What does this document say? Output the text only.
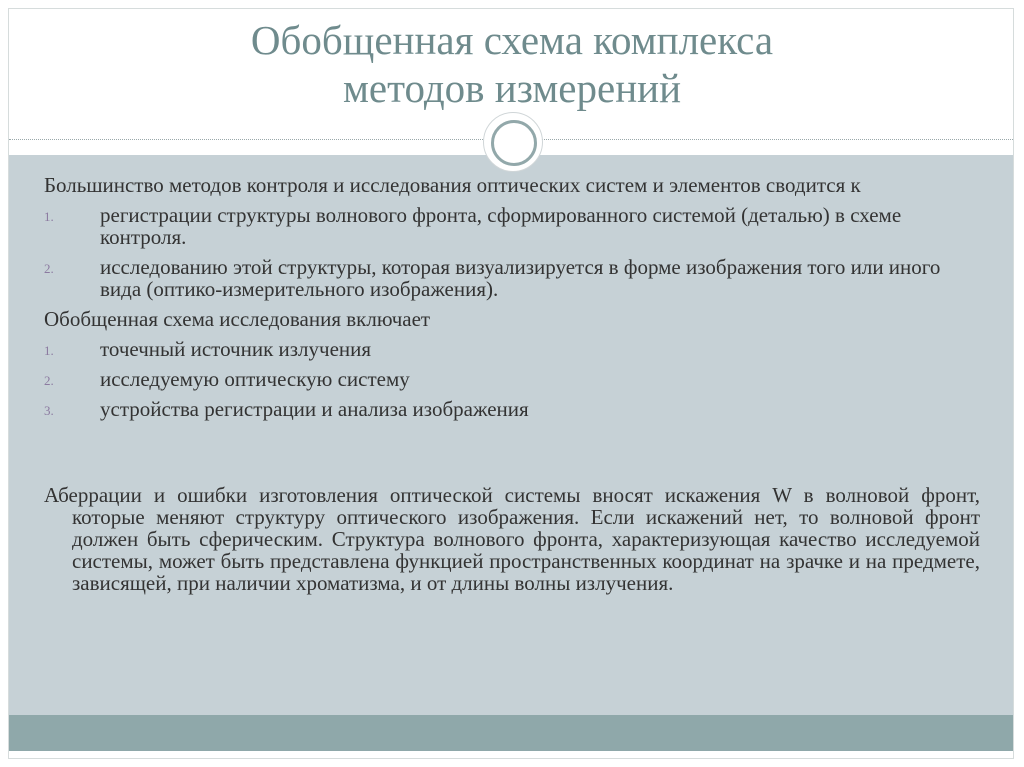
Обобщенная схема комплекса
методов измерений

Большинство методов контроля и исследования оптических систем и элементов сводится к

1. регистрации структуры волнового фронта, сформированного системой (деталью) в схеме контроля.
2. исследованию этой структуры, которая визуализируется в форме изображения того или иного вида (оптико-измерительного изображения).

Обобщенная схема исследования включает

1. точечный источник излучения
2. исследуемую оптическую систему
3. устройства регистрации и анализа изображения

Аберрации и ошибки изготовления оптической системы вносят искажения W в волновой фронт, которые меняют структуру оптического изображения. Если искажений нет, то волновой фронт должен быть сферическим. Структура волнового фронта, характеризующая качество исследуемой системы, может быть представлена функцией пространственных координат на зрачке и на предмете, зависящей, при наличии хроматизма, и от длины волны излучения.
